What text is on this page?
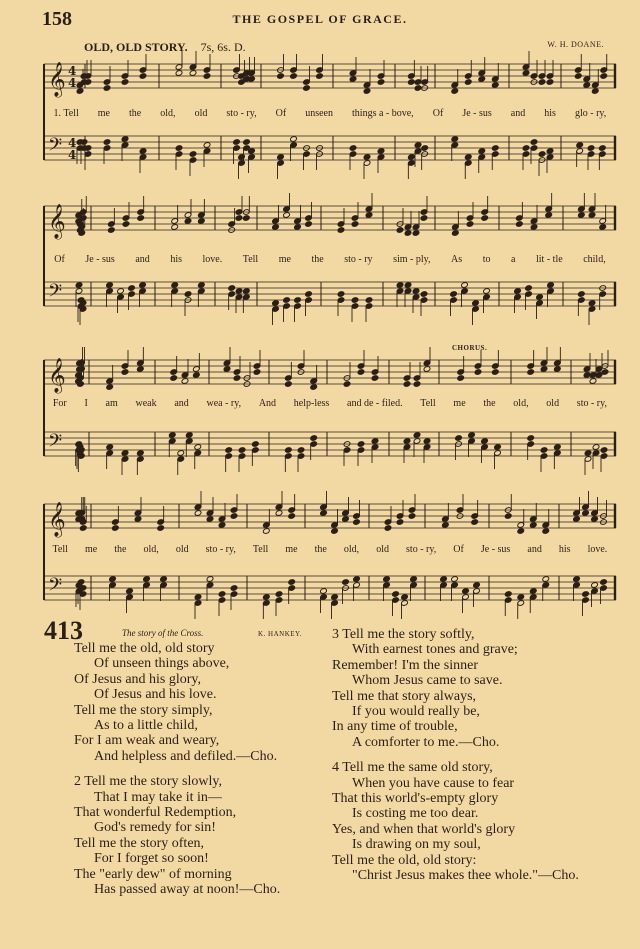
158	THE GOSPEL OF GRACE.
OLD, OLD STORY. 7s, 6s. D.	W. H. DOANE.
𝄞 4
4
𝄢 4
4
1. Tell me the old, old sto - ry, Of unseen things a - bove, Of Je - sus and his glo - ry,
𝄞
𝄢
Of Je - sus and his love. Tell me the sto - ry sim - ply, As to a lit - tle child,
𝄞
𝄢
For I am weak and wea - ry, And help-less and de - filed. Tell me the old, old sto - ry,
CHORUS.
𝄞
𝄢
Tell me the old, old sto - ry, Tell me the old, old sto - ry, Of Je - sus and his love.
413	The story of the Cross.	K. HANKEY.
Tell me the old, old story
Of unseen things above,
Of Jesus and his glory,
Of Jesus and his love.
Tell me the story simply,
As to a little child,
For I am weak and weary,
And helpless and defiled.—Cho.
2 Tell me the story slowly,
That I may take it in—
That wonderful Redemption,
God's remedy for sin!
Tell me the story often,
For I forget so soon!
The "early dew" of morning
Has passed away at noon!—Cho.
3 Tell me the story softly,
With earnest tones and grave;
Remember! I'm the sinner
Whom Jesus came to save.
Tell me that story always,
If you would really be,
In any time of trouble,
A comforter to me.—Cho.
4 Tell me the same old story,
When you have cause to fear
That this world's-empty glory
Is costing me too dear.
Yes, and when that world's glory
Is drawing on my soul,
Tell me the old, old story:
"Christ Jesus makes thee whole."—Cho.
